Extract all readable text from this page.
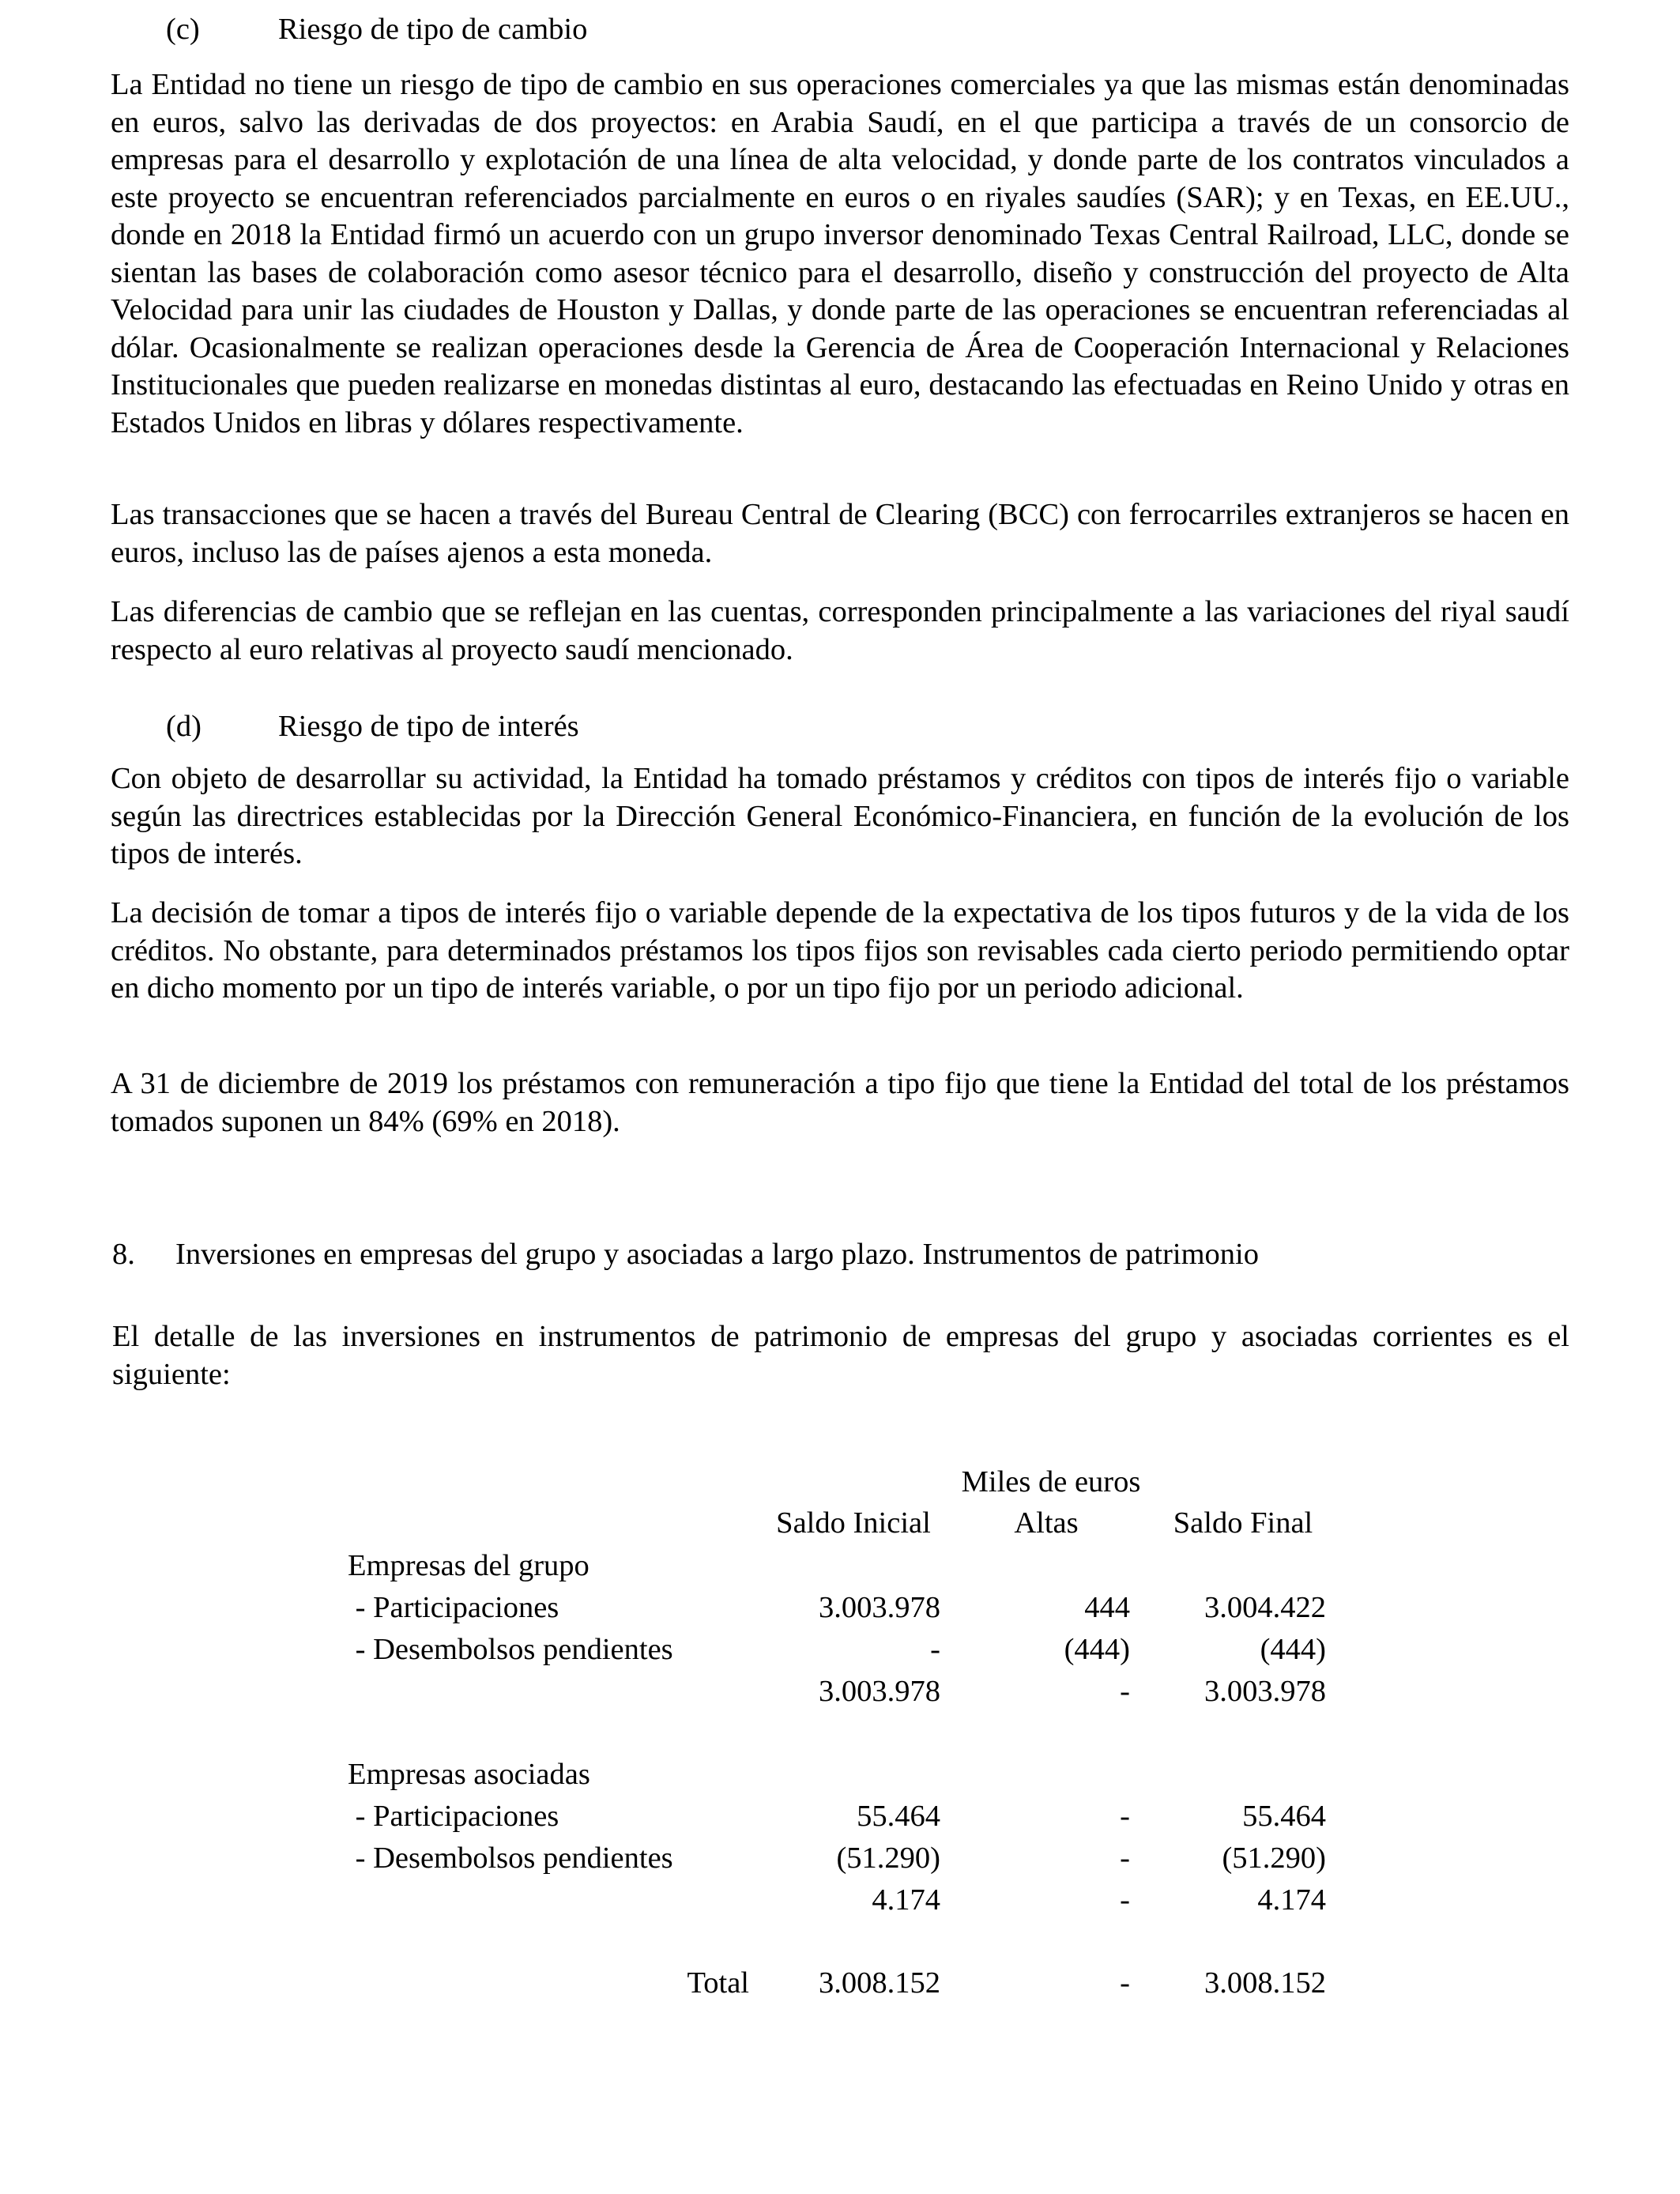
(c)	Riesgo de tipo de cambio

La Entidad no tiene un riesgo de tipo de cambio en sus operaciones comerciales ya que las mismas están denominadas en euros, salvo las derivadas de dos proyectos: en Arabia Saudí, en el que participa a través de un consorcio de empresas para el desarrollo y explotación de una línea de alta velocidad, y donde parte de los contratos vinculados a este proyecto se encuentran referenciados parcialmente en euros o en riyales saudíes (SAR); y en Texas, en EE.UU., donde en 2018 la Entidad firmó un acuerdo con un grupo inversor denominado Texas Central Railroad, LLC, donde se sientan las bases de colaboración como asesor técnico para el desarrollo, diseño y construcción del proyecto de Alta Velocidad para unir las ciudades de Houston y Dallas, y donde parte de las operaciones se encuentran referenciadas al dólar. Ocasionalmente se realizan operaciones desde la Gerencia de Área de Cooperación Internacional y Relaciones Institucionales que pueden realizarse en monedas distintas al euro, destacando las efectuadas en Reino Unido y otras en Estados Unidos en libras y dólares respectivamente.

Las transacciones que se hacen a través del Bureau Central de Clearing (BCC) con ferrocarriles extranjeros se hacen en euros, incluso las de países ajenos a esta moneda.

Las diferencias de cambio que se reflejan en las cuentas, corresponden principalmente a las variaciones del riyal saudí respecto al euro relativas al proyecto saudí mencionado.

(d)	Riesgo de tipo de interés

Con objeto de desarrollar su actividad, la Entidad ha tomado préstamos y créditos con tipos de interés fijo o variable según las directrices establecidas por la Dirección General Económico-Financiera, en función de la evolución de los tipos de interés.

La decisión de tomar a tipos de interés fijo o variable depende de la expectativa de los tipos futuros y de la vida de los créditos. No obstante, para determinados préstamos los tipos fijos son revisables cada cierto periodo permitiendo optar en dicho momento por un tipo de interés variable, o por un tipo fijo por un periodo adicional.

A 31 de diciembre de 2019 los préstamos con remuneración a tipo fijo que tiene la Entidad del total de los préstamos tomados suponen un 84% (69% en 2018).

8. Inversiones en empresas del grupo y asociadas a largo plazo. Instrumentos de patrimonio

El detalle de las inversiones en instrumentos de patrimonio de empresas del grupo y asociadas corrientes es el siguiente:

Miles de euros
Saldo Inicial	Altas	Saldo Final
Empresas del grupo
- Participaciones	3.003.978	444	3.004.422
- Desembolsos pendientes	-	(444)	(444)
3.003.978	-	3.003.978
Empresas asociadas
- Participaciones	55.464	-	55.464
- Desembolsos pendientes	(51.290)	-	(51.290)
4.174	-	4.174
Total	3.008.152	-	3.008.152
